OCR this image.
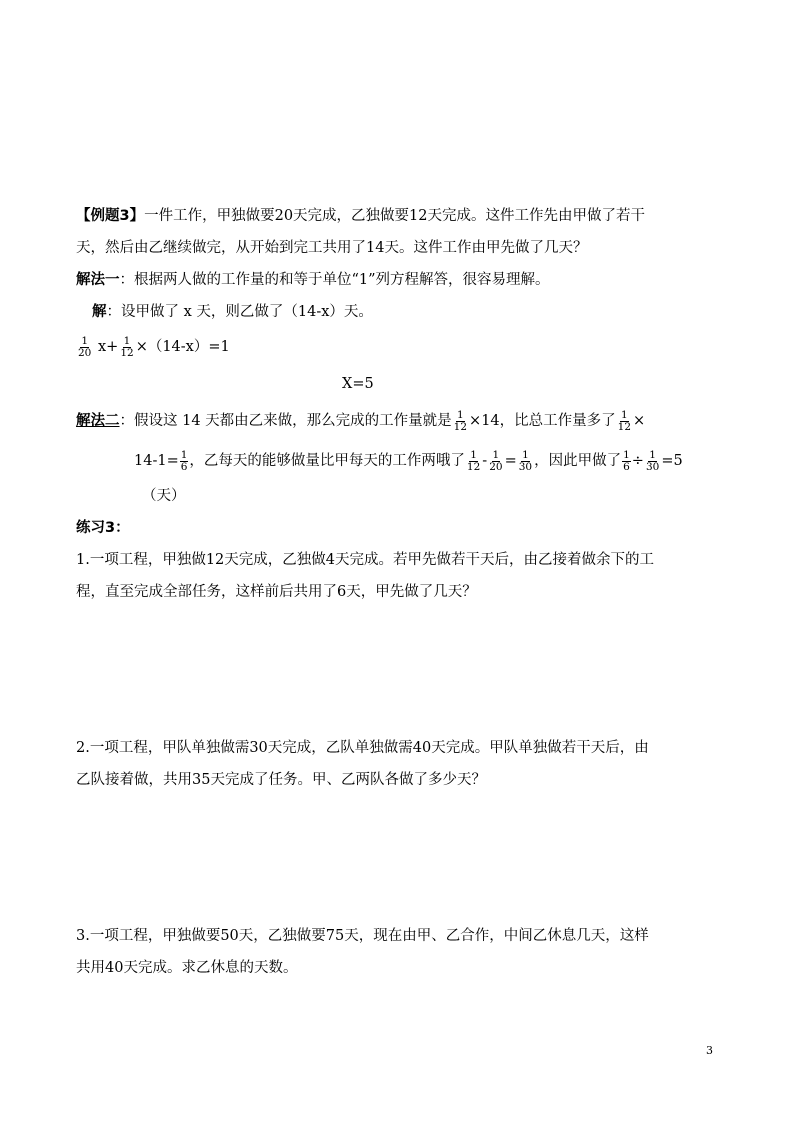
【例题3】一件工作，甲独做要20天完成，乙独做要12天完成。这件工作先由甲做了若干
天，然后由乙继续做完，从开始到完工共用了14天。这件工作由甲先做了几天？
解法一：根据两人做的工作量的和等于单位“1”列方程解答，很容易理解。
解：设甲做了 x 天，则乙做了（14-x）天。
$\frac{1}{20} x+ \frac{1}{12} \times(14-x)=1$
X=5
解法二：假设这 14 天都由乙来做，那么完成的工作量就是 $\frac{1}{12} \times 14$，比总工作量多了 $\frac{1}{12}$ ×
$14-1= \frac{1}{6}$ ，乙每天的能够做量比甲每天的工作两哦了 $\frac{1}{12} - \frac{1}{20} = \frac{1}{30}$ ，因此甲做了 $\frac{1}{6} \div \frac{1}{30} =5$
（天）
练习3：
1.一项工程，甲独做12天完成，乙独做4天完成。若甲先做若干天后，由乙接着做余下的工
程，直至完成全部任务，这样前后共用了6天，甲先做了几天？
2.一项工程，甲队单独做需30天完成，乙队单独做需40天完成。甲队单独做若干天后，由
乙队接着做，共用35天完成了任务。甲、乙两队各做了多少天？
3.一项工程，甲独做要50天，乙独做要75天，现在由甲、乙合作，中间乙休息几天，这样
共用40天完成。求乙休息的天数。
3
